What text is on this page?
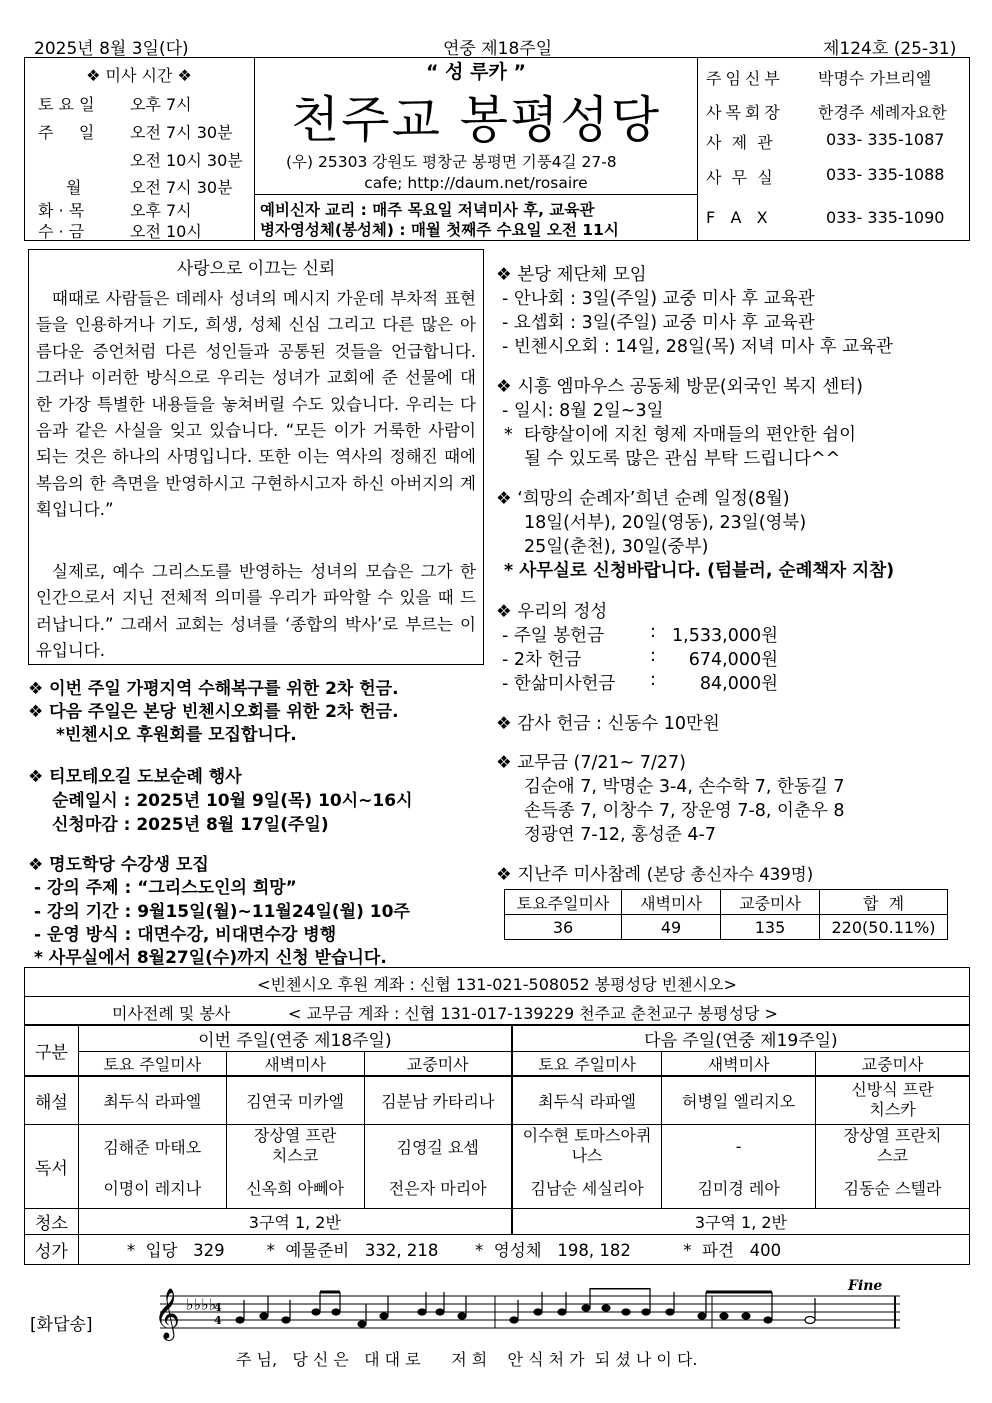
2025년 8월 3일(다)	연중 제18주일	제124호 (25-31)
❖ 미사 시간 ❖
토 요 일 오후 7시
주     일 오전 7시 30분
오전 10시 30분
월	오전 7시 30분
화 · 목	오후 7시
수 · 금	오전 10시
“ 성 루카 ”
천주교 봉평성당
(우) 25303 강원도 평창군 봉평면 기풍4길 27-8
cafe; http://daum.net/rosaire
예비신자 교리 : 매주 목요일 저녁미사 후, 교육관
병자영성체(봉성체) : 매월 첫째주 수요일 오전 11시
주임신부 박명수 가브리엘
사목회장 한경주 세례자요한
사  제  관	033- 335-1087
사  무  실	033- 335-1088
F   A   X	033- 335-1090
사랑으로 이끄는 신뢰
때때로 사람들은 데레사 성녀의 메시지 가운데 부차적 표현들을 인용하거나 기도, 희생, 성체 신심 그리고 다른 많은 아름다운 증언처럼 다른 성인들과 공통된 것들을 언급합니다. 그러나 이러한 방식으로 우리는 성녀가 교회에 준 선물에 대한 가장 특별한 내용들을 놓쳐버릴 수도 있습니다. 우리는 다음과 같은 사실을 잊고 있습니다. “모든 이가 거룩한 사람이 되는 것은 하나의 사명입니다. 또한 이는 역사의 정해진 때에 복음의 한 측면을 반영하시고 구현하시고자 하신 아버지의 계획입니다.”
실제로, 예수 그리스도를 반영하는 성녀의 모습은 그가 한 인간으로서 지닌 전체적 의미를 우리가 파악할 수 있을 때 드러납니다.” 그래서 교회는 성녀를 ‘종합의 박사’로 부르는 이유입니다.
❖ 이번 주일 가평지역 수해복구를 위한 2차 헌금.
❖ 다음 주일은 본당 빈첸시오회를 위한 2차 헌금.
*빈첸시오 후원회를 모집합니다.
❖ 티모테오길 도보순례 행사
순례일시 : 2025년 10월 9일(목) 10시~16시
신청마감 : 2025년 8월 17일(주일)
❖ 명도학당 수강생 모집
- 강의 주제 : “그리스도인의 희망”
- 강의 기간 : 9월15일(월)~11월24일(월) 10주
- 운영 방식 : 대면수강, 비대면수강 병행
* 사무실에서 8월27일(수)까지 신청 받습니다.
❖ 본당 제단체 모임
- 안나회 : 3일(주일) 교중 미사 후 교육관
- 요셉회 : 3일(주일) 교중 미사 후 교육관
- 빈첸시오회 : 14일, 28일(목) 저녁 미사 후 교육관
❖ 시흥 엠마우스 공동체 방문(외국인 복지 센터)
- 일시: 8월 2일~3일
*  타향살이에 지친 형제 자매들의 편안한 쉼이
될 수 있도록 많은 관심 부탁 드립니다^^
❖ ‘희망의 순례자’희년 순례 일정(8월)
18일(서부), 20일(영동), 23일(영북)
25일(춘천), 30일(중부)
* 사무실로 신청바랍니다. (텀블러, 순례책자 지참)
❖ 우리의 정성
- 주일 봉헌금	: 1,533,000원
- 2차 헌금	:	674,000원
- 한삶미사헌금 :	84,000원
❖ 감사 헌금 : 신동수 10만원
❖ 교무금 (7/21~ 7/27)
김순애 7, 박명순 3-4, 손수학 7, 한동길 7
손득종 7, 이창수 7, 장운영 7-8, 이춘우 8
정광연 7-12, 홍성준 4-7
❖ 지난주 미사참례 (본당 총신자수 439명)
토요주일미사	새벽미사	교중미사	합  계
36	49	135	220(50.11%)
<빈첸시오 후원 계좌 : 신협 131-021-508052 봉평성당 빈첸시오>
미사전례 및 봉사	< 교무금 계좌 : 신협 131-017-139229 천주교 춘천교구 봉평성당 >
구분	이번 주일(연중 제18주일)			다음 주일(연중 제19주일)		
	토요 주일미사	새벽미사	교중미사	토요 주일미사	새벽미사	교중미사
해설	최두식 라파엘	김연국 미카엘	김분남 카타리나	최두식 라파엘	허병일 엘리지오	신방식 프란치스카
독서	김해준 마태오	장상열 프란치스코	김영길 요셉	이수현 토마스아퀴나스	-	장상열 프란치스코
	이명이 레지나	신옥희 아뻬아	전은자 마리아	김남순 세실리아	김미경 레아	김동순 스텔라
청소	3구역 1, 2반			3구역 1, 2반		
성가	*  입당   329        *  예물준비   332, 218       *  영성체   198, 182          *  파견   400					
[화답송]
Fine
𝄞 ♭♭♭♭
4
4
주 님,   당 신 은   대 대 로      저 희    안 식 처 가  되 셨 나 이 다.
